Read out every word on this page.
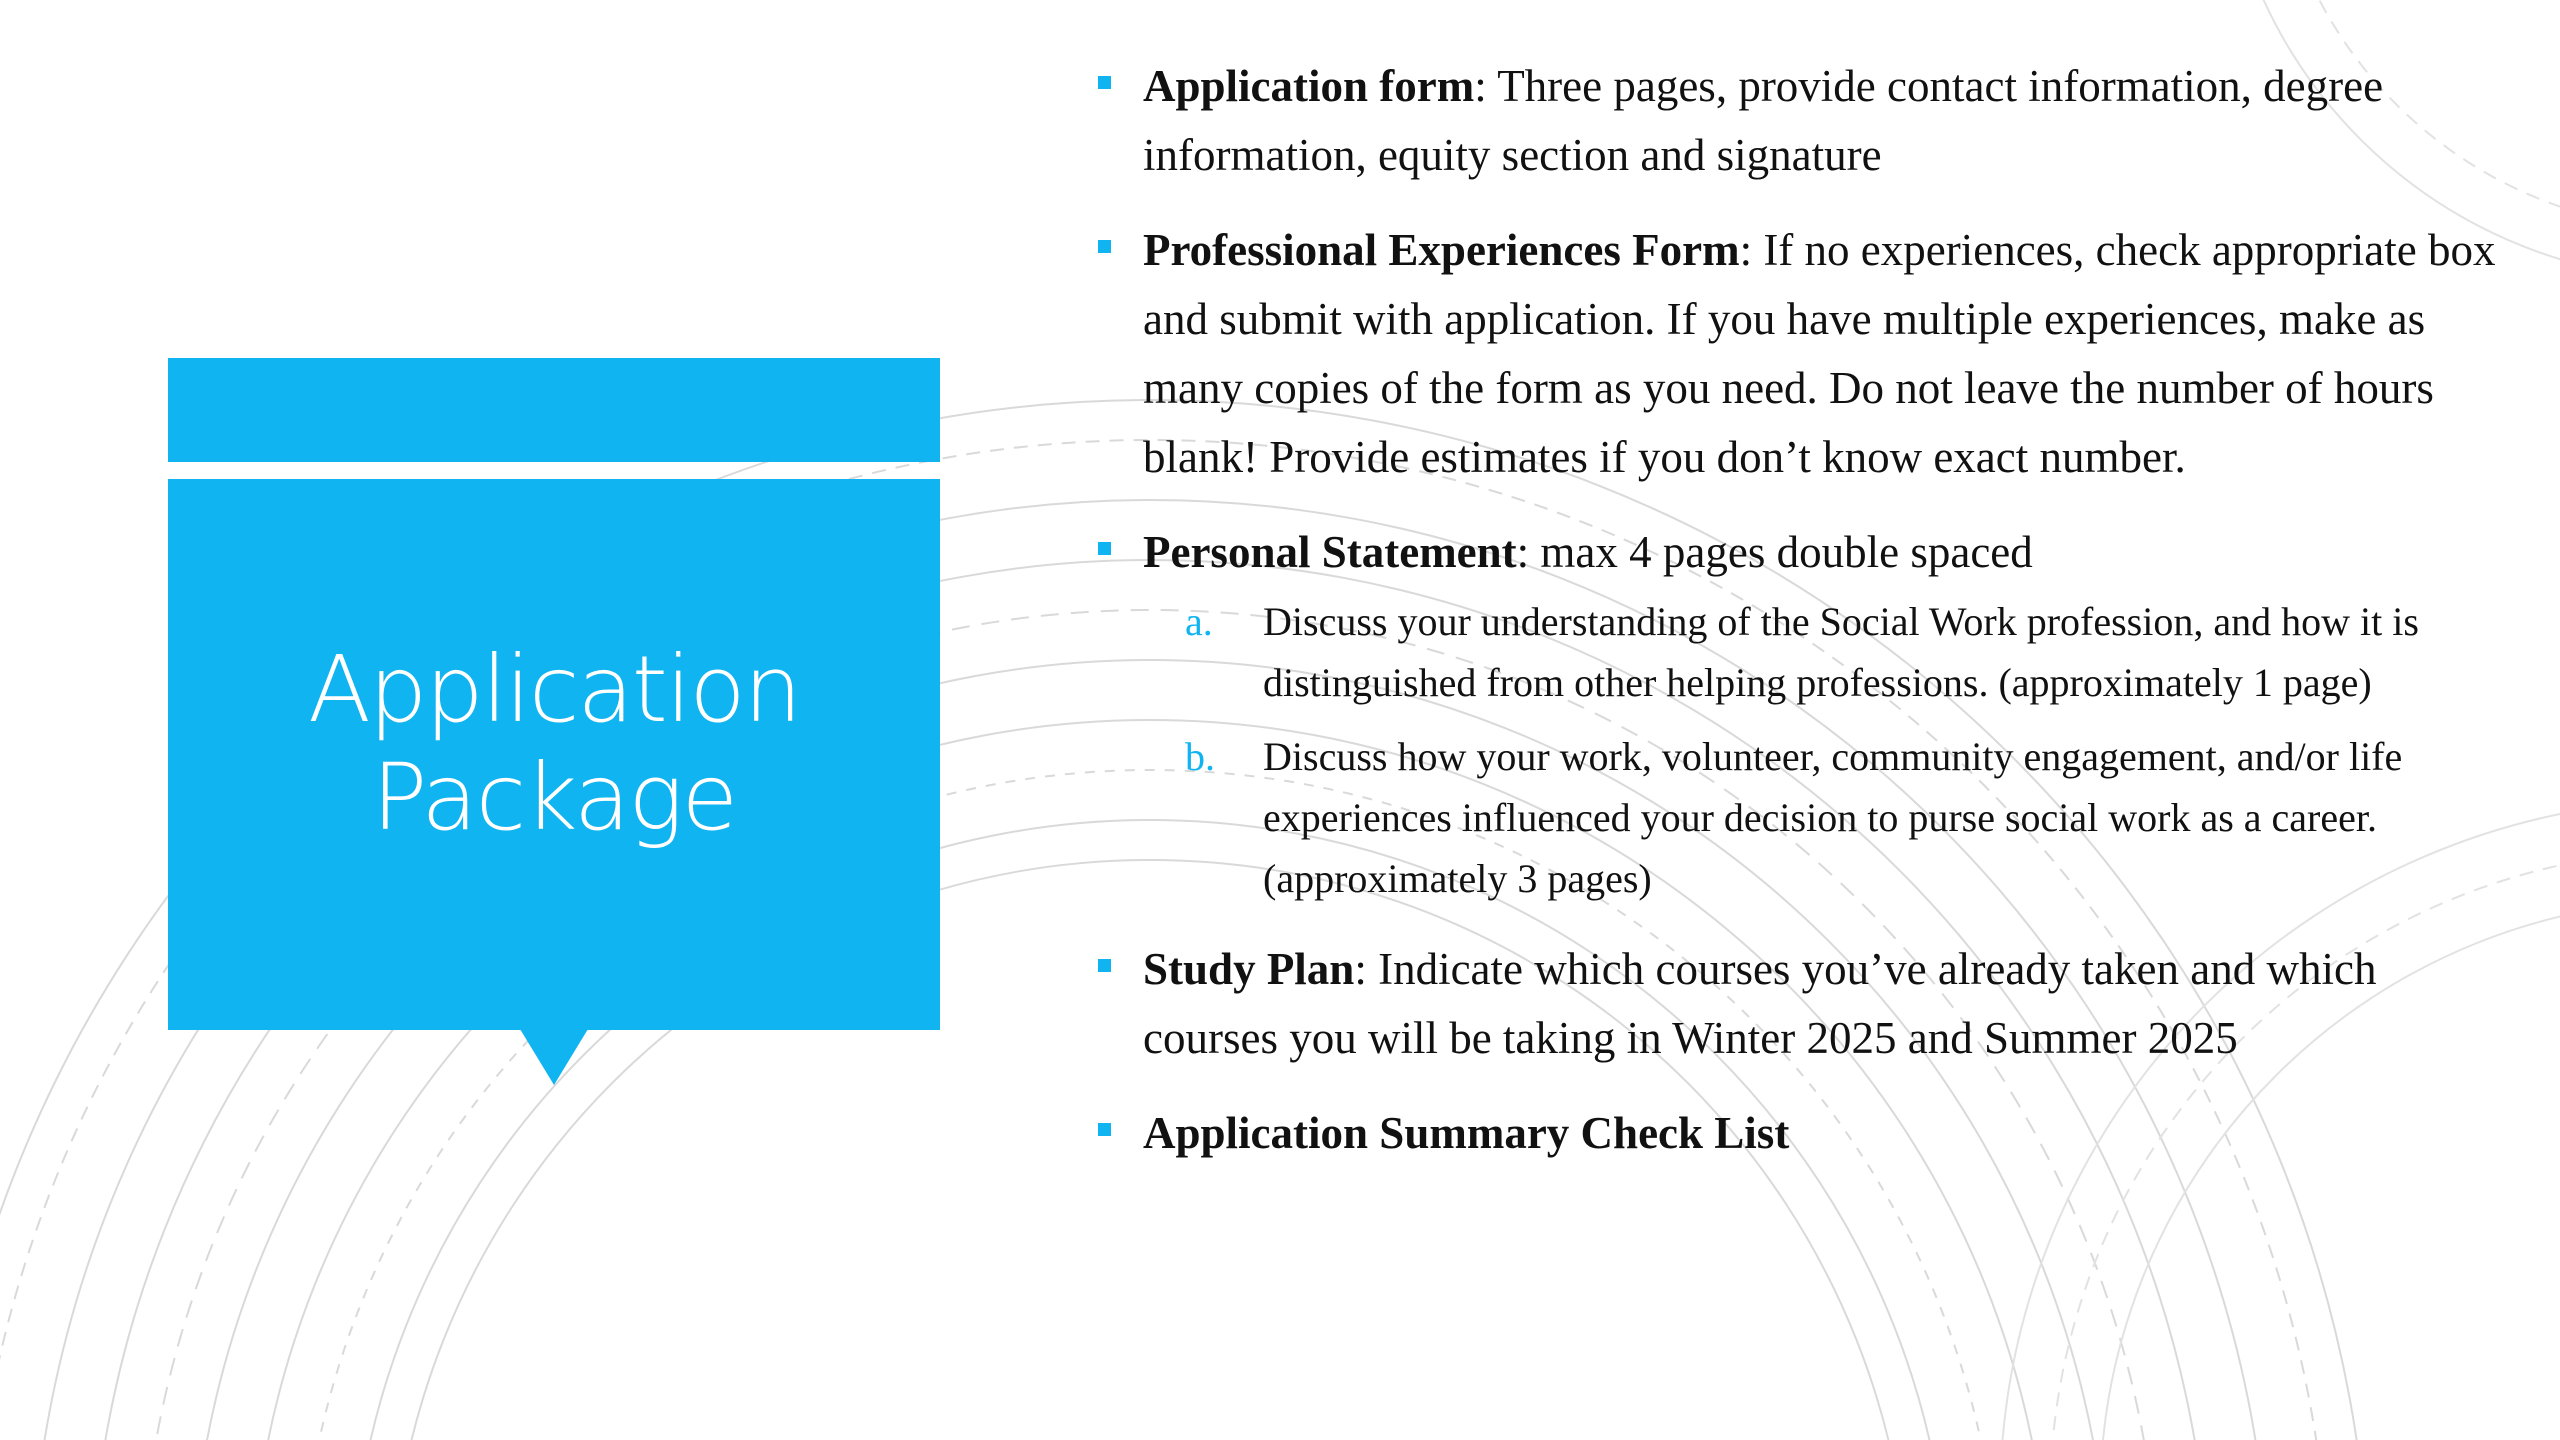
Application Package
Application form: Three pages, provide contact information, degree information, equity section and signature
Professional Experiences Form: If no experiences, check appropriate box and submit with application. If you have multiple experiences, make as many copies of the form as you need. Do not leave the number of hours blank! Provide estimates if you don’t know exact number.
Personal Statement: max 4 pages double spaced
a.	Discuss your understanding of the Social Work profession, and how it is distinguished from other helping professions. (approximately 1 page)
b.	Discuss how your work, volunteer, community engagement, and/or life experiences influenced your decision to purse social work as a career. (approximately 3 pages)
Study Plan: Indicate which courses you’ve already taken and which courses you will be taking in Winter 2025 and Summer 2025
Application Summary Check List
